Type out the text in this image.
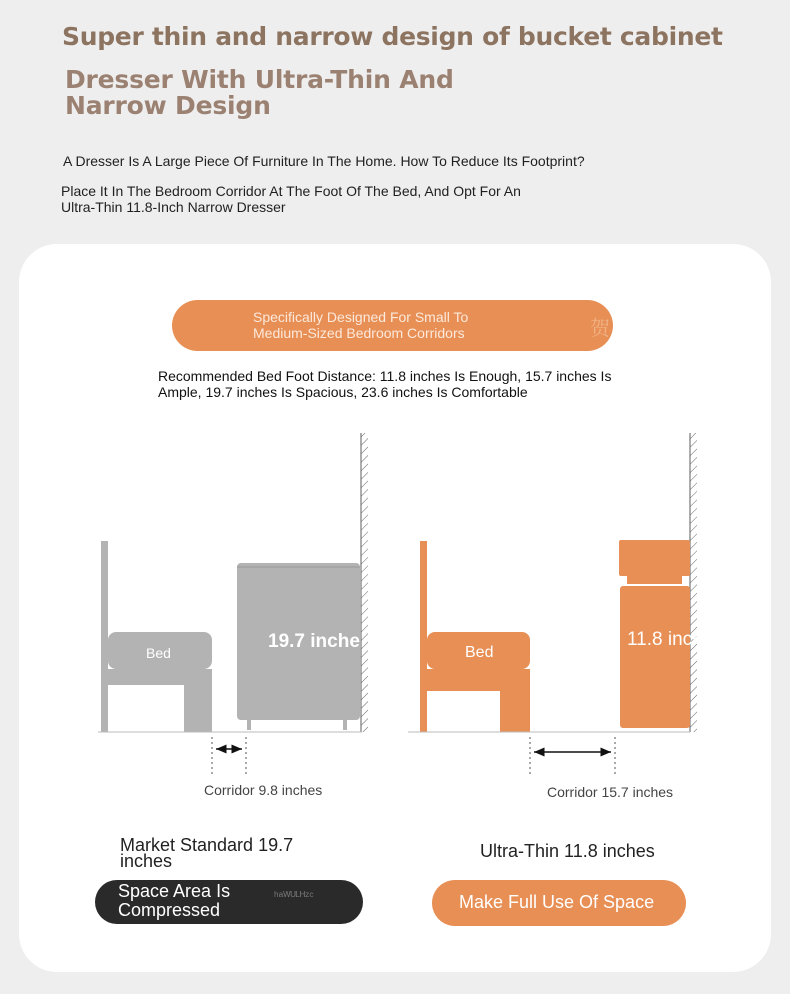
Super thin and narrow design of bucket cabinet
Dresser With Ultra-Thin And
Narrow Design
A Dresser Is A Large Piece Of Furniture In The Home. How To Reduce Its Footprint?
Place It In The Bedroom Corridor At The Foot Of The Bed, And Opt For An
Ultra-Thin 11.8-Inch Narrow Dresser
Specifically Designed For Small To
Medium-Sized Bedroom Corridors	贺
Recommended Bed Foot Distance: 11.8 inches Is Enough, 15.7 inches Is
Ample, 19.7 inches Is Spacious, 23.6 inches Is Comfortable
Bed
19.7 inche
Corridor 9.8 inches
Bed
11.8 inches
Corridor 15.7 inches
Market Standard 19.7
inches	Ultra-Thin 11.8 inches
Space Area Is
Compressed
ʰᵃᵂᵁᴸᴴᶻᶜ	Make Full Use Of Space
